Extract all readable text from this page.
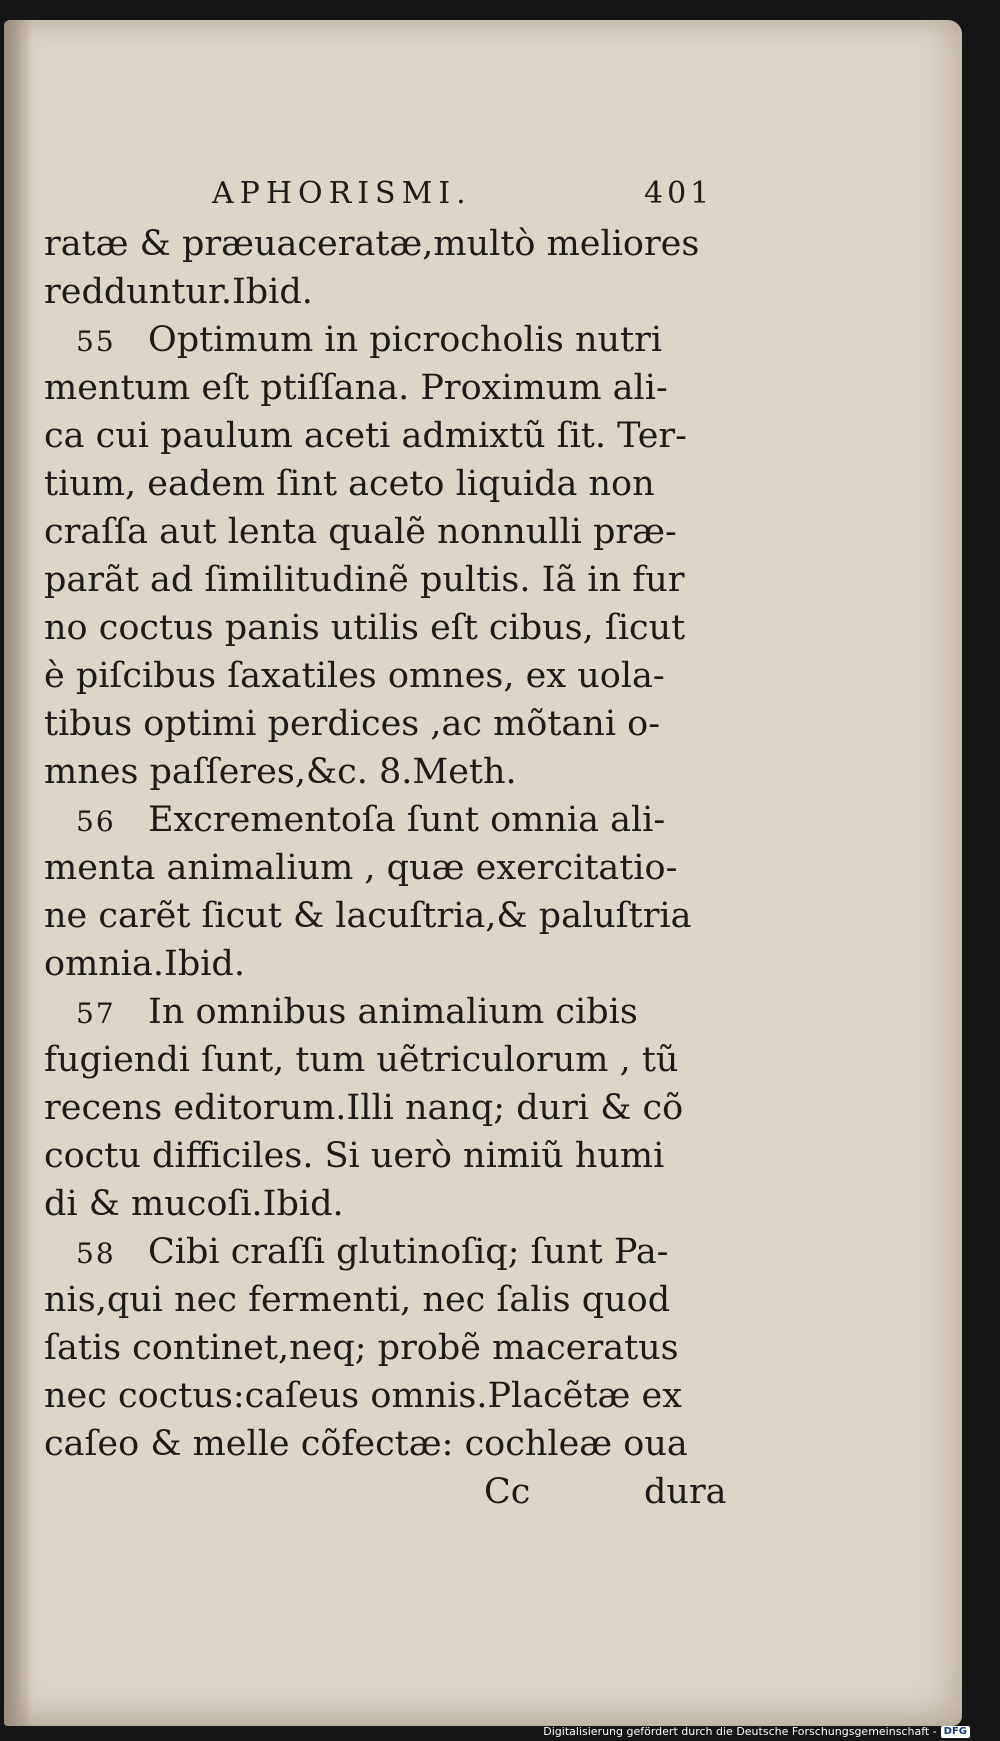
APHORISMI.	401
ratæ & præuaceratæ,multò meliores
redduntur.Ibid.
55 Optimum in picrocholis nutri
mentum eſt ptiſſana. Proximum ali-
ca cui paulum aceti admixtũ ſit. Ter-
tium, eadem ſint aceto liquida non
craſſa aut lenta qualẽ nonnulli præ-
parãt ad ſimilitudinẽ pultis. Iã in fur
no coctus panis utilis eſt cibus, ſicut
è piſcibus ſaxatiles omnes, ex uola-
tibus optimi perdices ,ac mõtani o-
mnes paſſeres,&c. 8.Meth.
56 Excrementoſa ſunt omnia ali-
menta animalium , quæ exercitatio-
ne carẽt ſicut & lacuſtria,& paluſtria
omnia.Ibid.
57 In omnibus animalium cibis
fugiendi ſunt, tum uẽtriculorum , tũ
recens editorum.Illi nanq; duri & cõ
coctu difficiles. Si uerò nimiũ humi
di & mucoſi.Ibid.
58 Cibi craſſi glutinoſiq; ſunt Pa-
nis,qui nec fermenti, nec ſalis quod
ſatis continet,neq; probẽ maceratus
nec coctus:caſeus omnis.Placẽtæ ex
caſeo & melle cõfectæ: cochleæ oua
Cc	dura
Digitalisierung gefördert durch die Deutsche Forschungsgemeinschaft - DFG
